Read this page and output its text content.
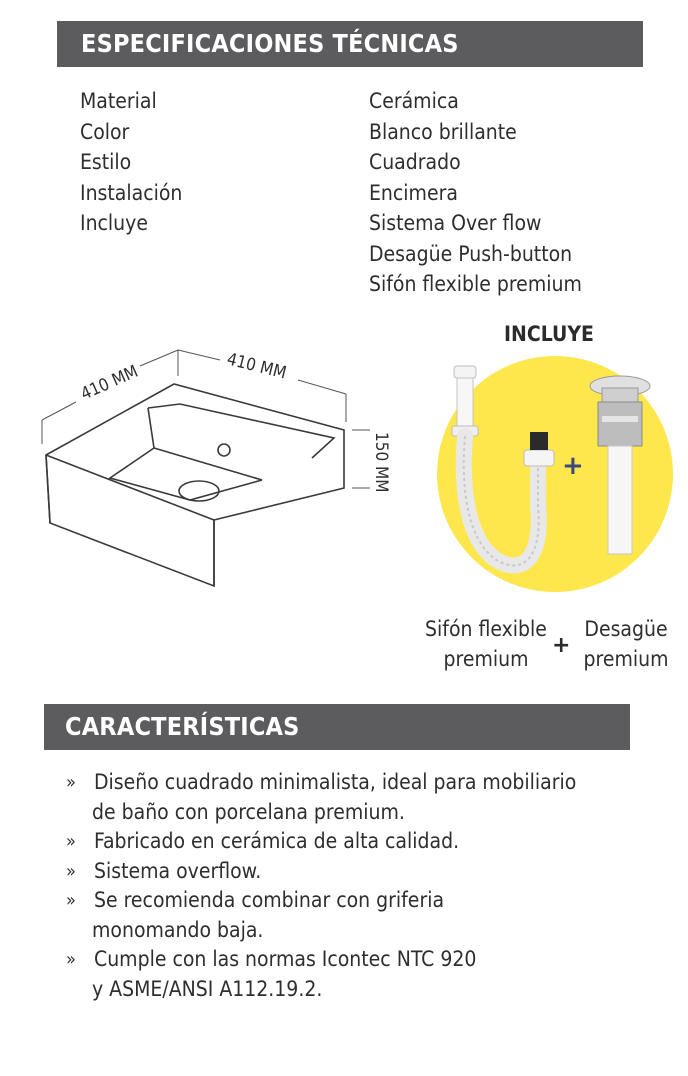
ESPECIFICACIONES TÉCNICAS
Material
Color
Estilo
Instalación
Incluye
Cerámica
Blanco brillante
Cuadrado
Encimera
Sistema Over flow
Desagüe Push-button
Sifón flexible premium
410 MM	410 MM
150 MM
INCLUYE
+
Sifón flexible
premium
+
Desagüe
premium
CARACTERÍSTICAS
» Diseño cuadrado minimalista, ideal para mobiliario
de baño con porcelana premium.
» Fabricado en cerámica de alta calidad.
» Sistema overflow.
» Se recomienda combinar con griferia
monomando baja.
» Cumple con las normas Icontec NTC 920
y ASME/ANSI A112.19.2.
